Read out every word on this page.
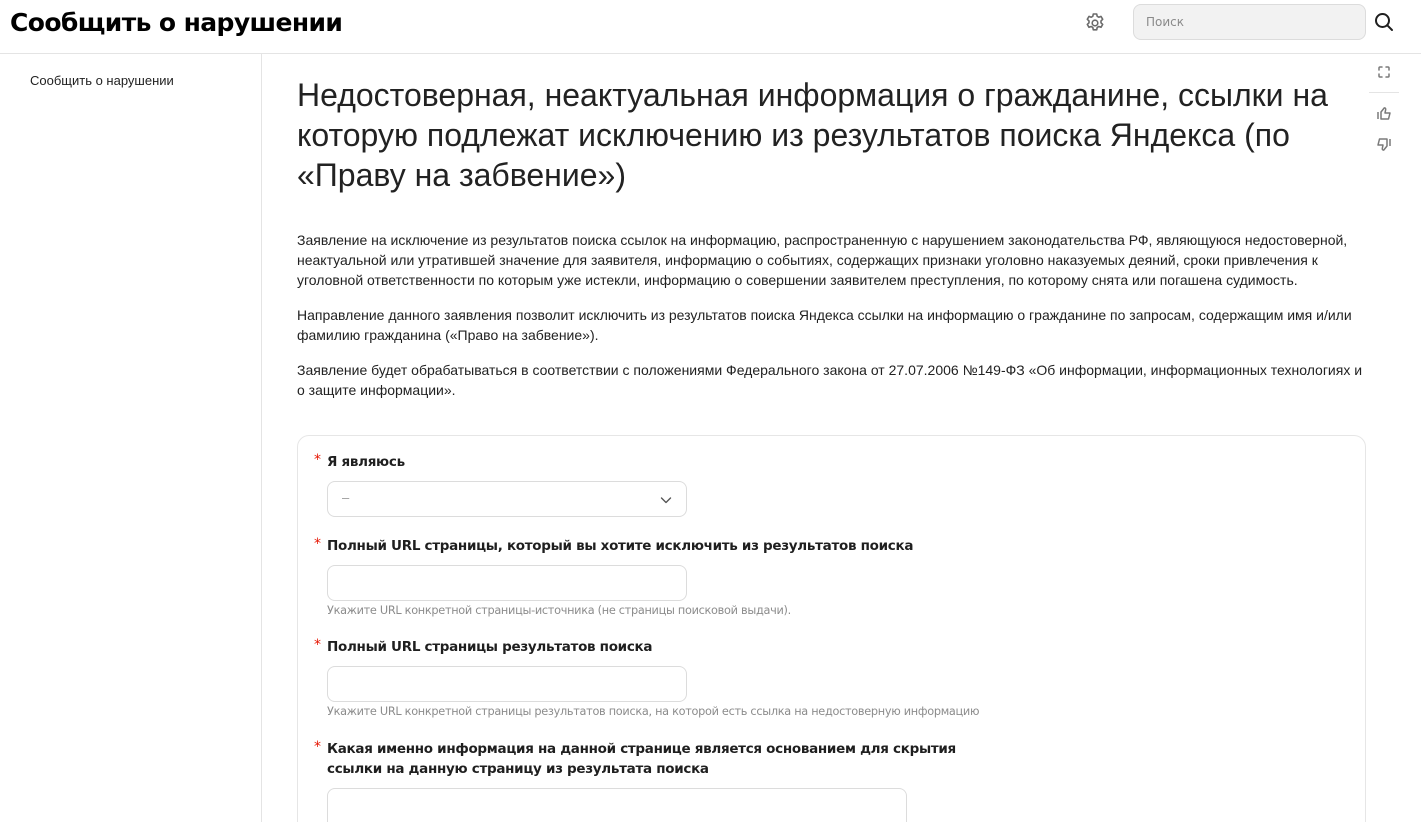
Сообщить о нарушении
Поиск
Сообщить о нарушении	Недостоверная, неактуальная информация о гражданине, ссылки на которую подлежат исключению из результатов поиска Яндекса (по «Праву на забвение»)

Заявление на исключение из результатов поиска ссылок на информацию, распространенную с нарушением законодательства РФ, являющуюся недостоверной, неактуальной или утратившей значение для заявителя, информацию о событиях, содержащих признаки уголовно наказуемых деяний, сроки привлечения к уголовной ответственности по которым уже истекли, информацию о совершении заявителем преступления, по которому снята или погашена судимость.

Направление данного заявления позволит исключить из результатов поиска Яндекса ссылки на информацию о гражданине по запросам, содержащим имя и/или фамилию гражданина («Право на забвение»).

Заявление будет обрабатываться в соответствии с положениями Федерального закона от 27.07.2006 №149-ФЗ «Об информации, информационных технологиях и о защите информации».

* Я являюсь
–
* Полный URL страницы, который вы хотите исключить из результатов поиска
Укажите URL конкретной страницы-источника (не страницы поисковой выдачи).
* Полный URL страницы результатов поиска
Укажите URL конкретной страницы результатов поиска, на которой есть ссылка на недостоверную информацию
* Какая именно информация на данной странице является основанием для скрытия ссылки на данную страницу из результата поиска
